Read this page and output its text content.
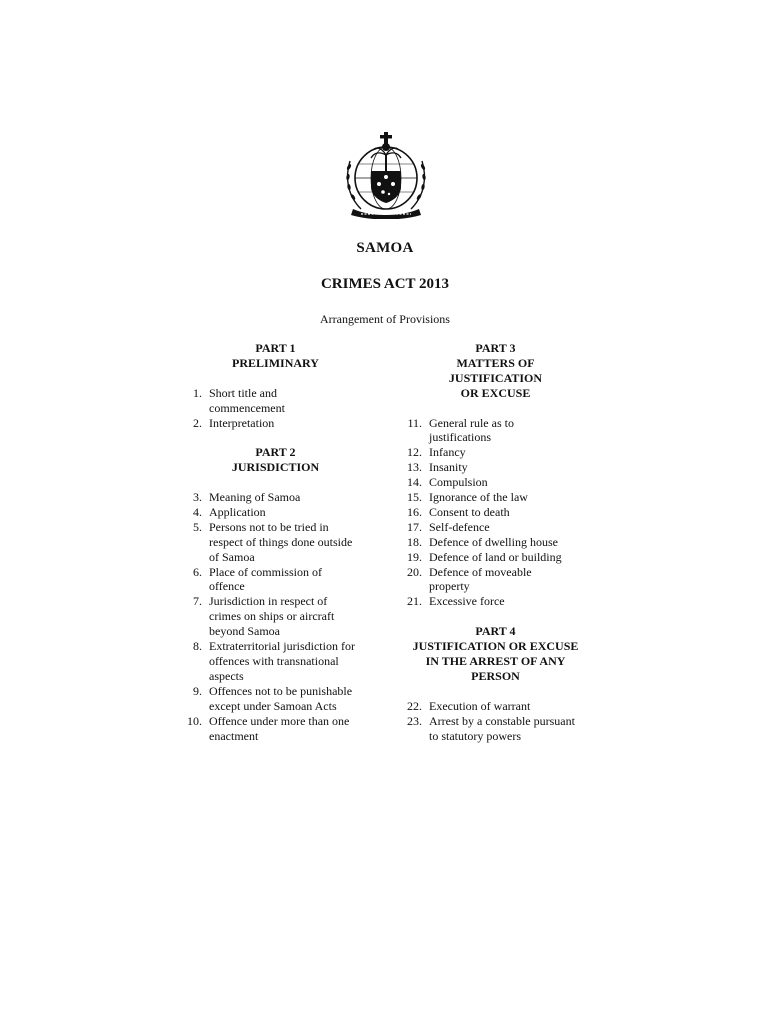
SAMOA
CRIMES ACT 2013
Arrangement of Provisions
PART 1
PRELIMINARY
1. Short title and
commencement
2. Interpretation
PART 2
JURISDICTION
3. Meaning of Samoa
4. Application
5. Persons not to be tried in
respect of things done outside
of Samoa
6. Place of commission of
offence
7. Jurisdiction in respect of
crimes on ships or aircraft
beyond Samoa
8. Extraterritorial jurisdiction for
offences with transnational
aspects
9. Offences not to be punishable
except under Samoan Acts
10. Offence under more than one
enactment
PART 3
MATTERS OF
JUSTIFICATION
OR EXCUSE
11. General rule as to
justifications
12. Infancy
13. Insanity
14. Compulsion
15. Ignorance of the law
16. Consent to death
17. Self-defence
18. Defence of dwelling house
19. Defence of land or building
20. Defence of moveable
property
21. Excessive force
PART 4
JUSTIFICATION OR EXCUSE
IN THE ARREST OF ANY
PERSON
22. Execution of warrant
23. Arrest by a constable pursuant
to statutory powers
